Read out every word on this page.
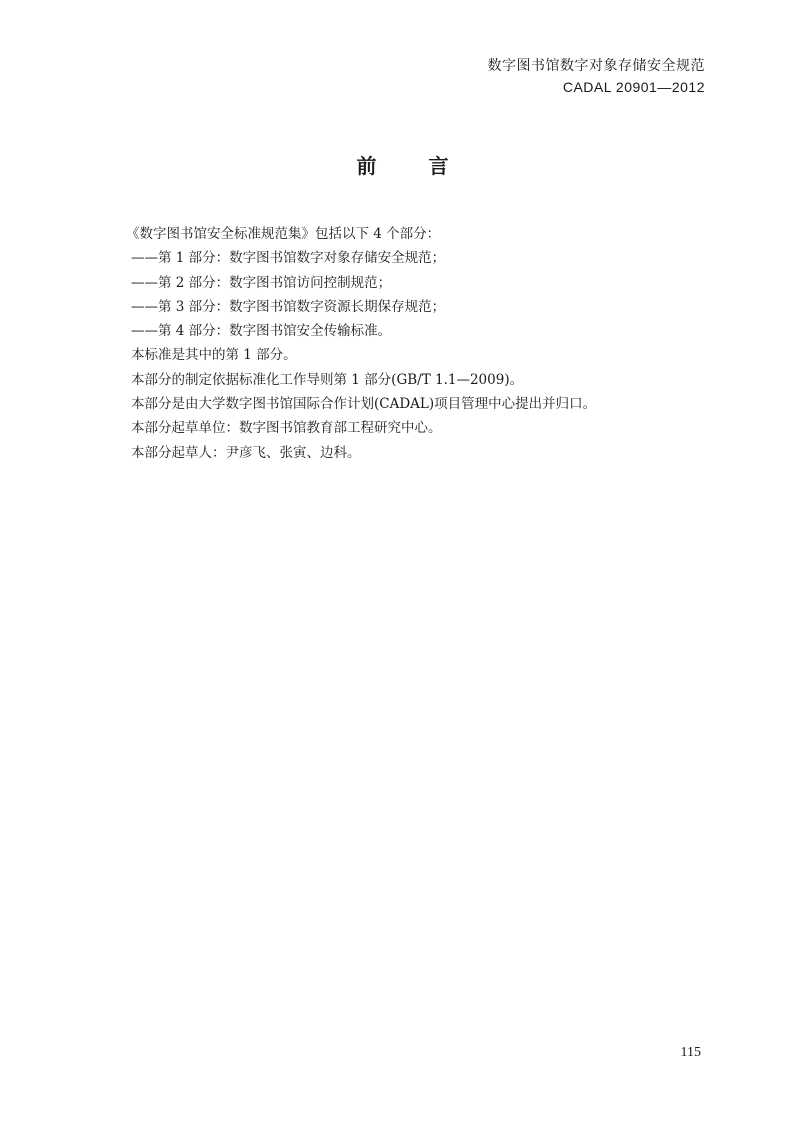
数字图书馆数字对象存储安全规范
CADAL 20901—2012
前言
《数字图书馆安全标准规范集》包括以下 4 个部分：
——第 1 部分：数字图书馆数字对象存储安全规范；
——第 2 部分：数字图书馆访问控制规范；
——第 3 部分：数字图书馆数字资源长期保存规范；
——第 4 部分：数字图书馆安全传输标准。
本标准是其中的第 1 部分。
本部分的制定依据标准化工作导则第 1 部分(GB/T 1.1—2009)。
本部分是由大学数字图书馆国际合作计划(CADAL)项目管理中心提出并归口。
本部分起草单位：数字图书馆教育部工程研究中心。
本部分起草人：尹彦飞、张寅、边科。
115
